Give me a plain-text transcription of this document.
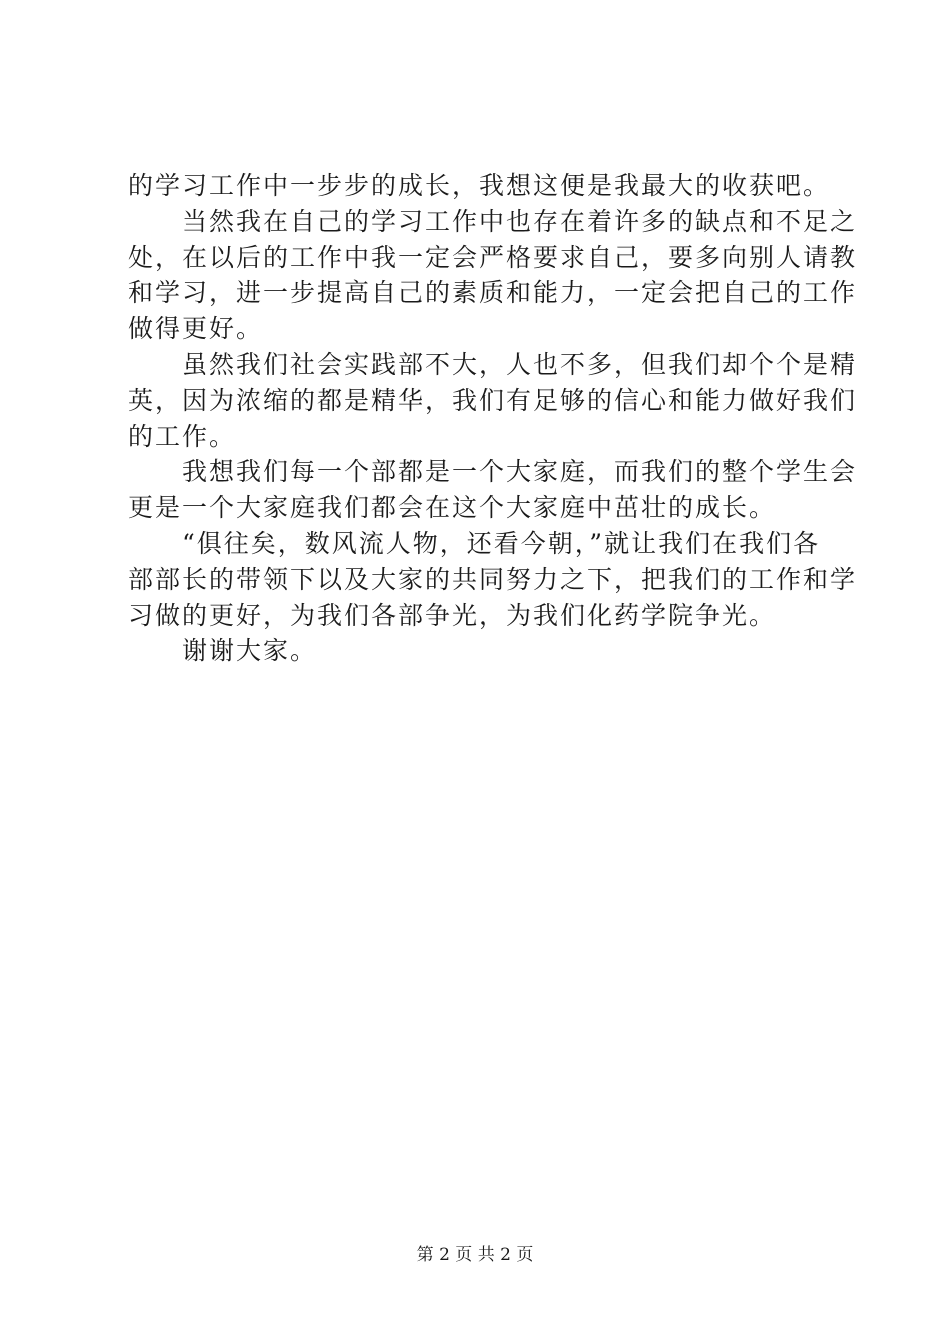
的学习工作中一步步的成长，我想这便是我最大的收获吧。
当然我在自己的学习工作中也存在着许多的缺点和不足之
处，在以后的工作中我一定会严格要求自己，要多向别人请教
和学习，进一步提高自己的素质和能力，一定会把自己的工作
做得更好。
虽然我们社会实践部不大，人也不多，但我们却个个是精
英，因为浓缩的都是精华，我们有足够的信心和能力做好我们
的工作。
我想我们每一个部都是一个大家庭，而我们的整个学生会
更是一个大家庭我们都会在这个大家庭中茁壮的成长。
“俱往矣，数风流人物，还看今朝，”就让我们在我们各
部部长的带领下以及大家的共同努力之下，把我们的工作和学
习做的更好，为我们各部争光，为我们化药学院争光。
谢谢大家。
第 2 页 共 2 页
